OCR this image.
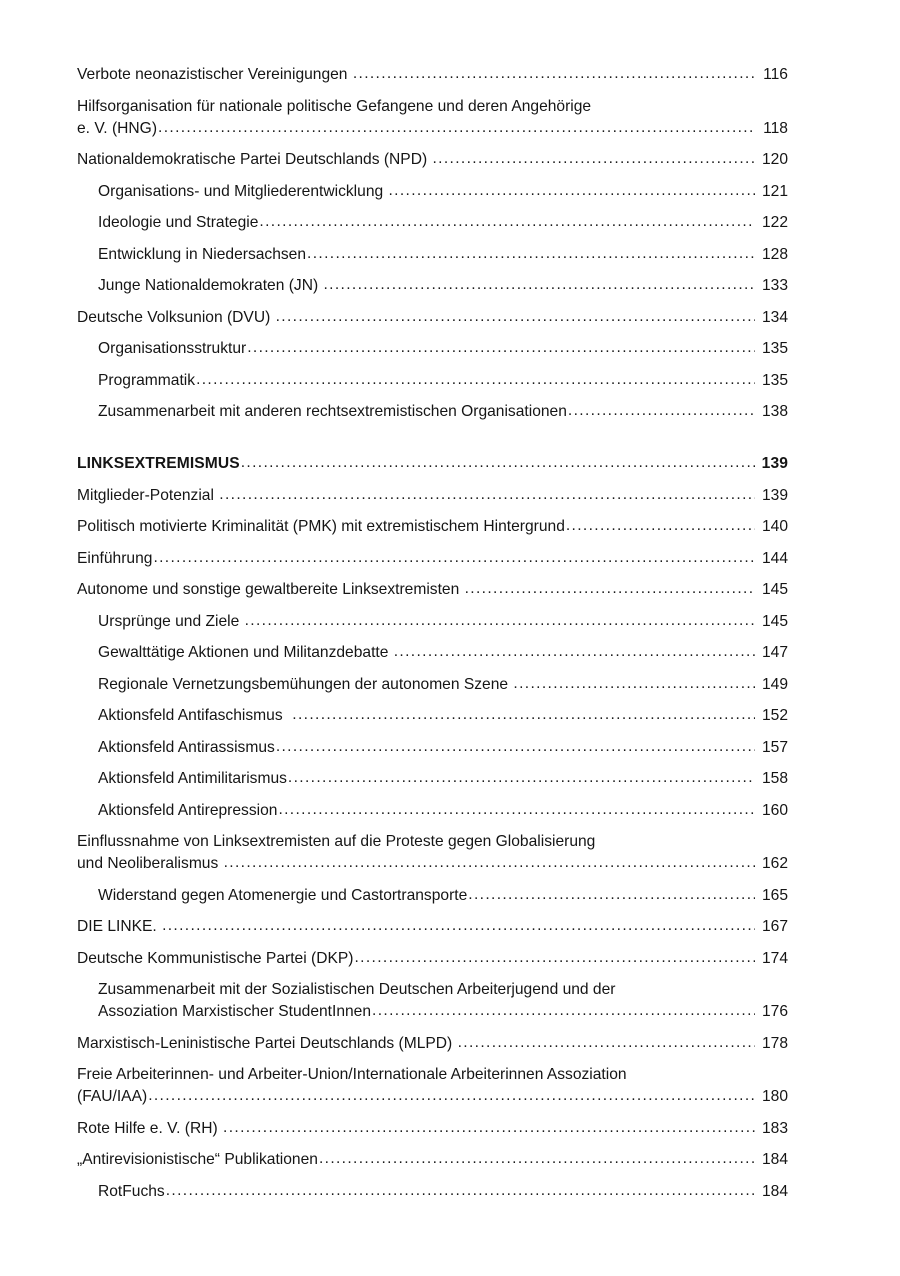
Verbote neonazistischer Vereinigungen .....	116
Hilfsorganisation für nationale politische Gefangene und deren Angehörige
e. V. (HNG) .....	118
Nationaldemokratische Partei Deutschlands (NPD) .....	120
Organisations- und Mitgliederentwicklung .....	121
Ideologie und Strategie .....	122
Entwicklung in Niedersachsen .....	128
Junge Nationaldemokraten (JN) .....	133
Deutsche Volksunion (DVU) .....	134
Organisationsstruktur .....	135
Programmatik .....	135
Zusammenarbeit mit anderen rechtsextremistischen Organisationen .....	138
LINKSEXTREMISMUS .....	139
Mitglieder-Potenzial .....	139
Politisch motivierte Kriminalität (PMK) mit extremistischem Hintergrund .....	140
Einführung .....	144
Autonome und sonstige gewaltbereite Linksextremisten .....	145
Ursprünge und Ziele .....	145
Gewalttätige Aktionen und Militanzdebatte .....	147
Regionale Vernetzungsbemühungen der autonomen Szene .....	149
Aktionsfeld Antifaschismus .....	152
Aktionsfeld Antirassismus .....	157
Aktionsfeld Antimilitarismus .....	158
Aktionsfeld Antirepression .....	160
Einflussnahme von Linksextremisten auf die Proteste gegen Globalisierung
und Neoliberalismus .....	162
Widerstand gegen Atomenergie und Castortransporte .....	165
DIE LINKE. .....	167
Deutsche Kommunistische Partei (DKP) .....	174
Zusammenarbeit mit der Sozialistischen Deutschen Arbeiterjugend und der
Assoziation Marxistischer StudentInnen .....	176
Marxistisch-Leninistische Partei Deutschlands (MLPD) .....	178
Freie Arbeiterinnen- und Arbeiter-Union/Internationale Arbeiterinnen Assoziation
(FAU/IAA) .....	180
Rote Hilfe e. V. (RH) .....	183
„Antirevisionistische“ Publikationen .....	184
RotFuchs .....	184
